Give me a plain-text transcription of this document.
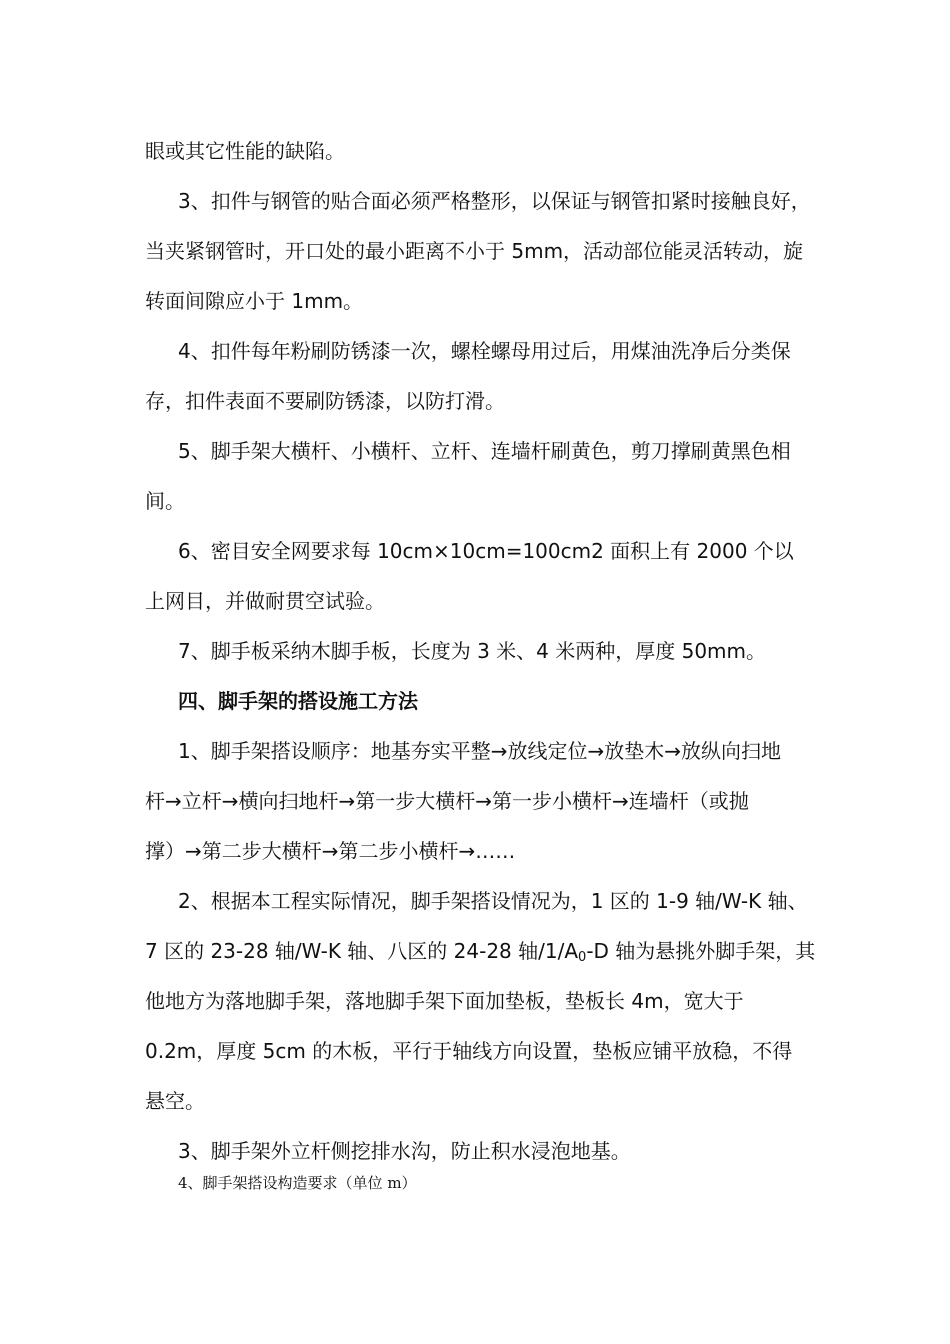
眼或其它性能的缺陷。
3、扣件与钢管的贴合面必须严格整形，以保证与钢管扣紧时接触良好，
当夹紧钢管时，开口处的最小距离不小于 5mm，活动部位能灵活转动，旋
转面间隙应小于 1mm。
4、扣件每年粉刷防锈漆一次，螺栓螺母用过后，用煤油洗净后分类保
存，扣件表面不要刷防锈漆，以防打滑。
5、脚手架大横杆、小横杆、立杆、连墙杆刷黄色，剪刀撑刷黄黑色相
间。
6、密目安全网要求每 10cm×10cm=100cm2 面积上有 2000 个以
上网目，并做耐贯空试验。
7、脚手板采纳木脚手板，长度为 3 米、4 米两种，厚度 50mm。
四、脚手架的搭设施工方法
1、脚手架搭设顺序：地基夯实平整→放线定位→放垫木→放纵向扫地
杆→立杆→横向扫地杆→第一步大横杆→第一步小横杆→连墙杆（或抛
撑）→第二步大横杆→第二步小横杆→……
2、根据本工程实际情况，脚手架搭设情况为，1 区的 1-9 轴/W-K 轴、
7 区的 23-28 轴/W-K 轴、八区的 24-28 轴$/1/A_0-D$ 轴为悬挑外脚手架，其
他地方为落地脚手架，落地脚手架下面加垫板，垫板长 4m，宽大于
0.2m，厚度 5cm 的木板，平行于轴线方向设置，垫板应铺平放稳，不得
悬空。
3、脚手架外立杆侧挖排水沟，防止积水浸泡地基。
4、脚手架搭设构造要求（单位 m）
